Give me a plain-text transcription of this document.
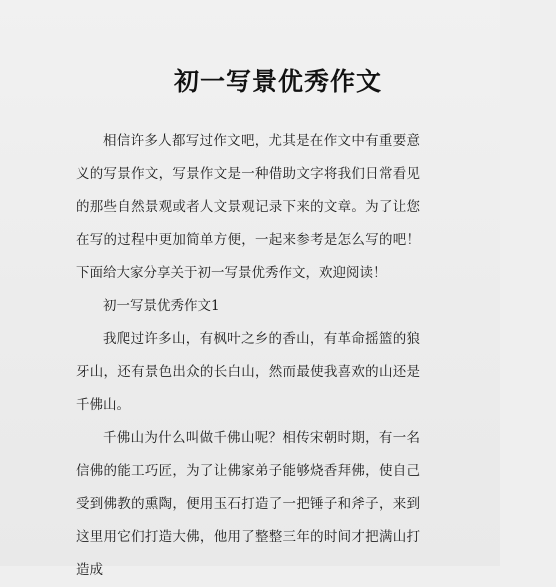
初一写景优秀作文

相信许多人都写过作文吧，尤其是在作文中有重要意义的写景作文，写景作文是一种借助文字将我们日常看见的那些自然景观或者人文景观记录下来的文章。为了让您在写的过程中更加简单方便，一起来参考是怎么写的吧！下面给大家分享关于初一写景优秀作文，欢迎阅读！

初一写景优秀作文1

我爬过许多山，有枫叶之乡的香山，有革命摇篮的狼牙山，还有景色出众的长白山，然而最使我喜欢的山还是千佛山。

千佛山为什么叫做千佛山呢？相传宋朝时期，有一名信佛的能工巧匠，为了让佛家弟子能够烧香拜佛，使自己受到佛教的熏陶，便用玉石打造了一把锤子和斧子，来到这里用它们打造大佛，他用了整整三年的时间才把满山打造成
